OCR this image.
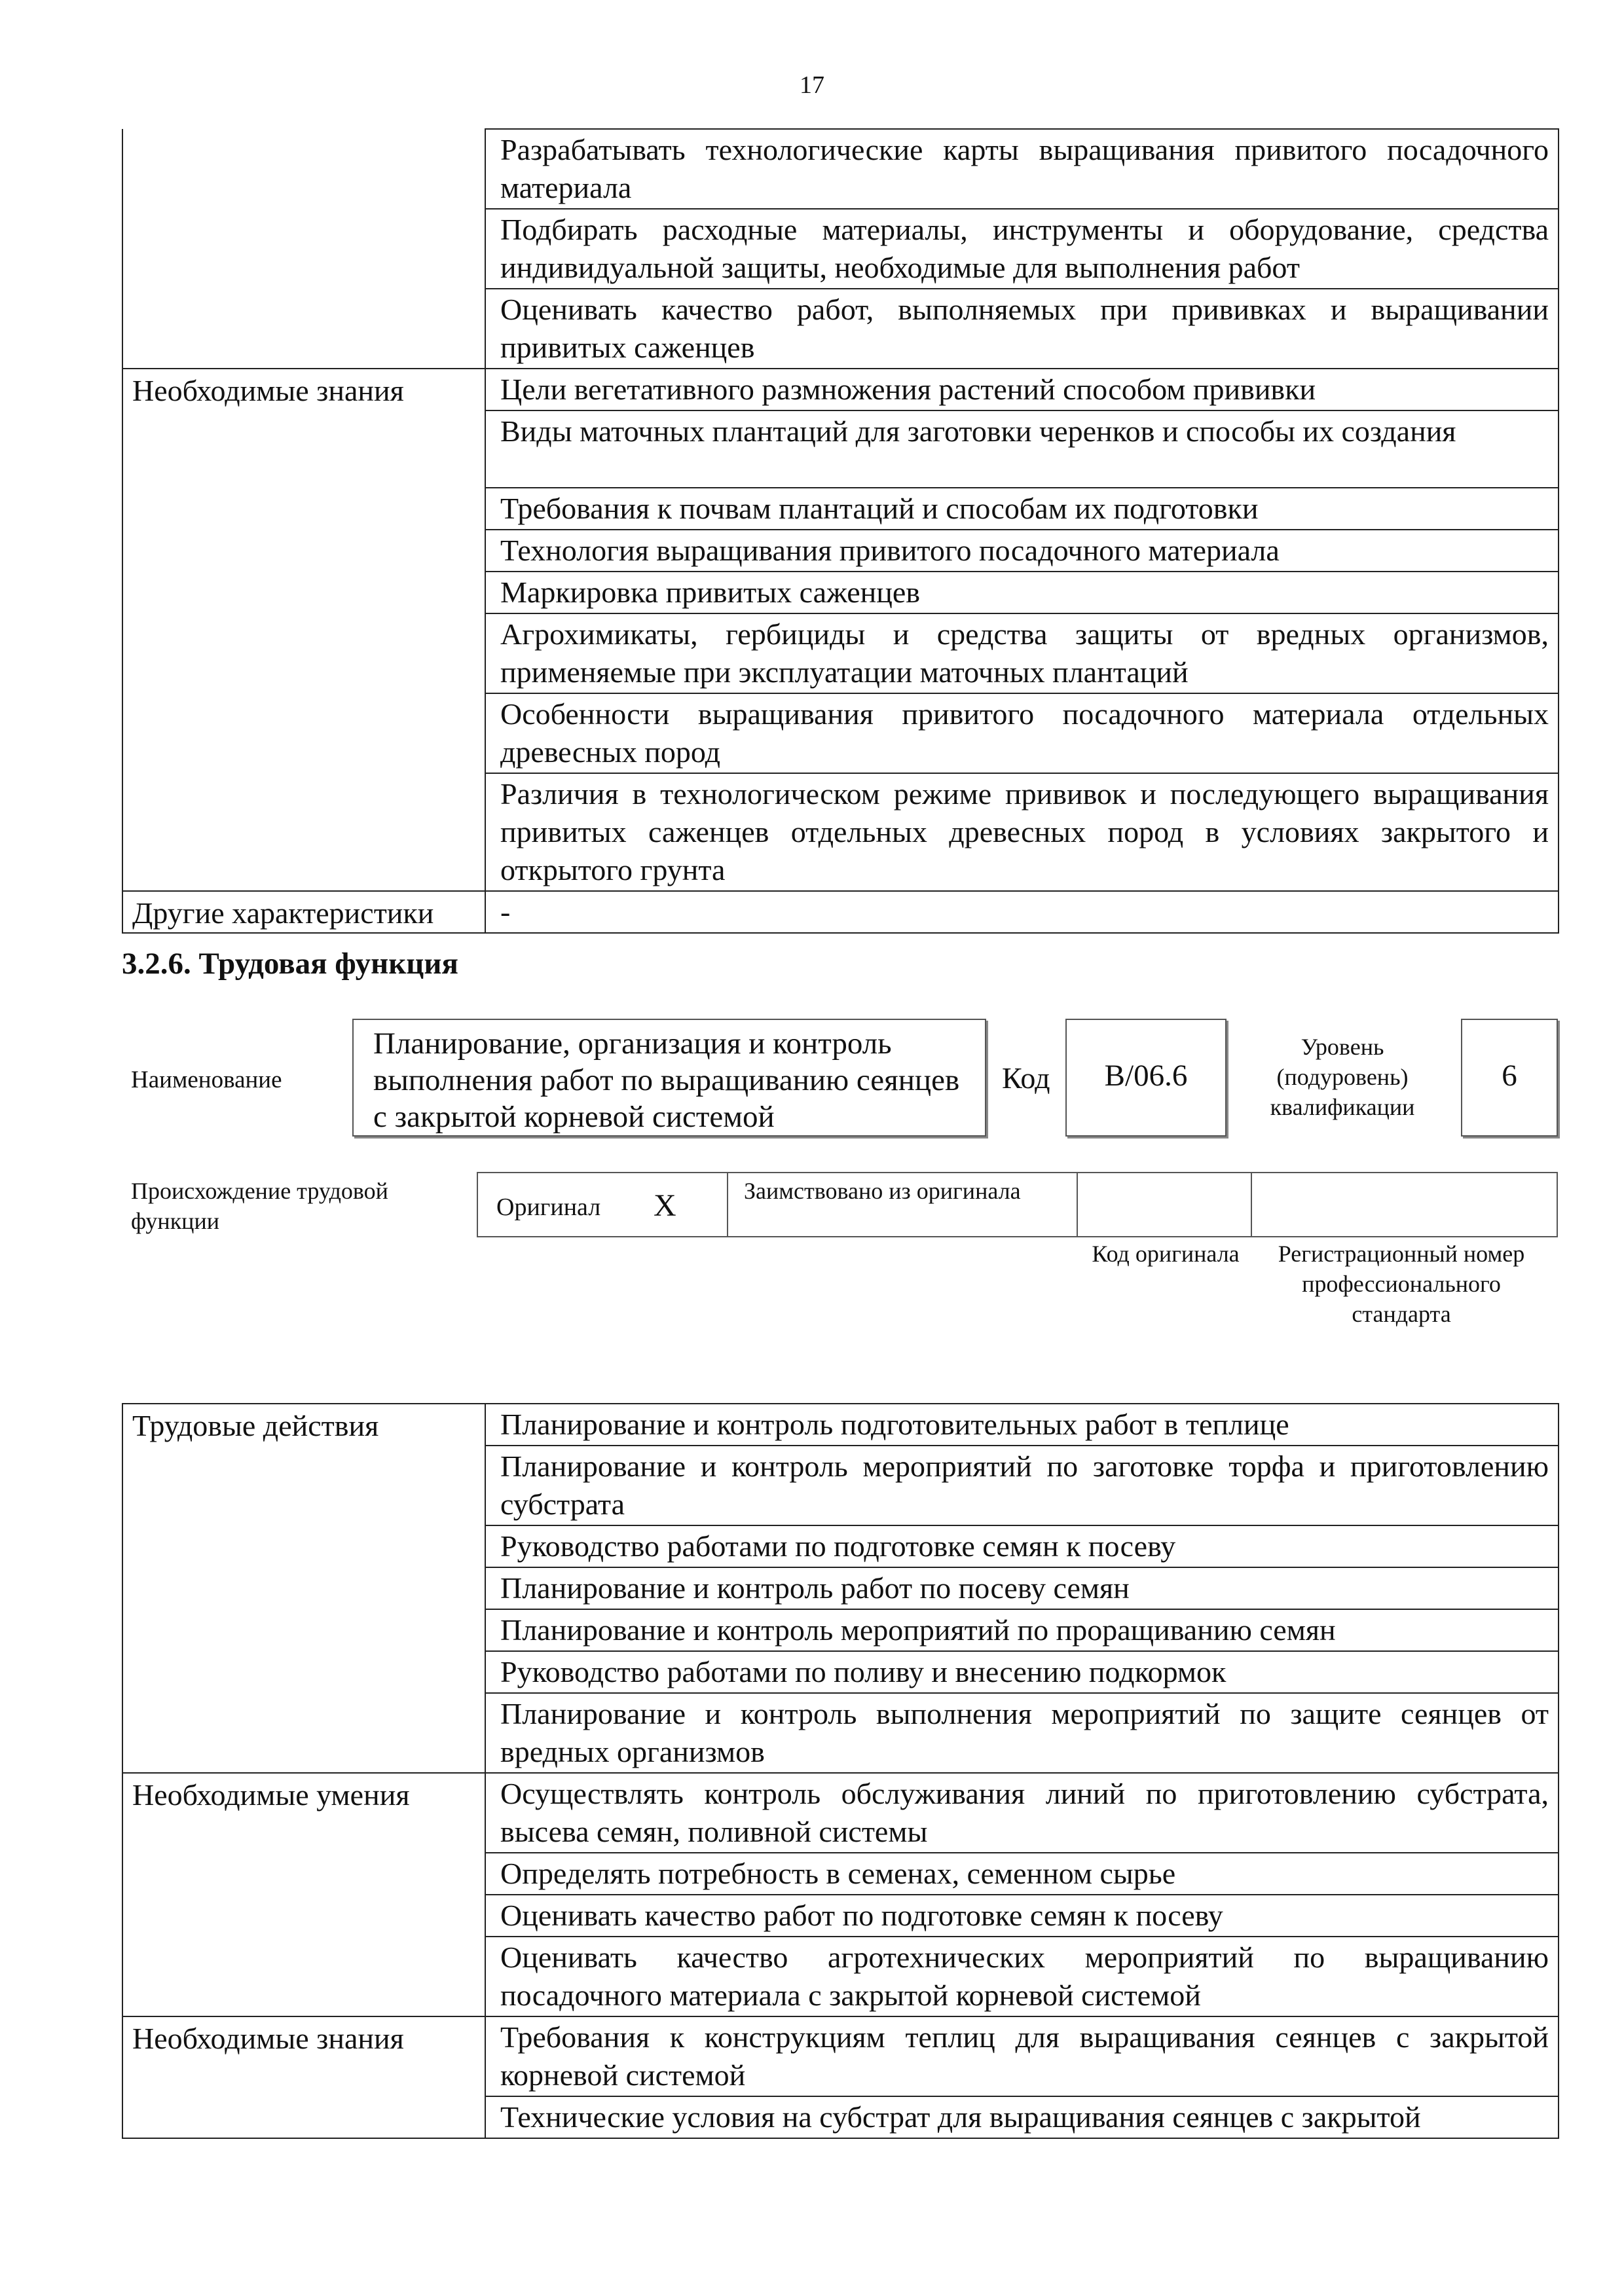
17
	Разрабатывать технологические карты выращивания привитого посадочного материала
	Подбирать расходные материалы, инструменты и оборудование, средства индивидуальной защиты, необходимые для выполнения работ
	Оценивать качество работ, выполняемых при прививках и выращивании привитых саженцев
Необходимые знания	Цели вегетативного размножения растений способом прививки
	Виды маточных плантаций для заготовки черенков и способы их создания
	Требования к почвам плантаций и способам их подготовки
	Технология выращивания привитого посадочного материала
	Маркировка привитых саженцев
	Агрохимикаты, гербициды и средства защиты от вредных организмов, применяемые при эксплуатации маточных плантаций
	Особенности выращивания привитого посадочного материала отдельных древесных пород
	Различия в технологическом режиме прививок и последующего выращивания привитых саженцев отдельных древесных пород в условиях закрытого и открытого грунта
Другие характеристики	-
3.2.6. Трудовая функция
Наименование
Планирование, организация и контроль выполнения работ по выращиванию сеянцев с закрытой корневой системой
Код	B/06.6
Уровень (подуровень) квалификации
6
Происхождение трудовой функции	Оригинал X	Заимствовано из оригинала
Код оригинала	Регистрационный номер профессионального стандарта
Трудовые действия	Планирование и контроль подготовительных работ в теплице
	Планирование и контроль мероприятий по заготовке торфа и приготовлению субстрата
	Руководство работами по подготовке семян к посеву
	Планирование и контроль работ по посеву семян
	Планирование и контроль мероприятий по проращиванию семян
	Руководство работами по поливу и внесению подкормок
	Планирование и контроль выполнения мероприятий по защите сеянцев от вредных организмов
Необходимые умения	Осуществлять контроль обслуживания линий по приготовлению субстрата, высева семян, поливной системы
	Определять потребность в семенах, семенном сырье
	Оценивать качество работ по подготовке семян к посеву
	Оценивать качество агротехнических мероприятий по выращиванию посадочного материала с закрытой корневой системой
Необходимые знания	Требования к конструкциям теплиц для выращивания сеянцев с закрытой корневой системой
	Технические условия на субстрат для выращивания сеянцев с закрытой
